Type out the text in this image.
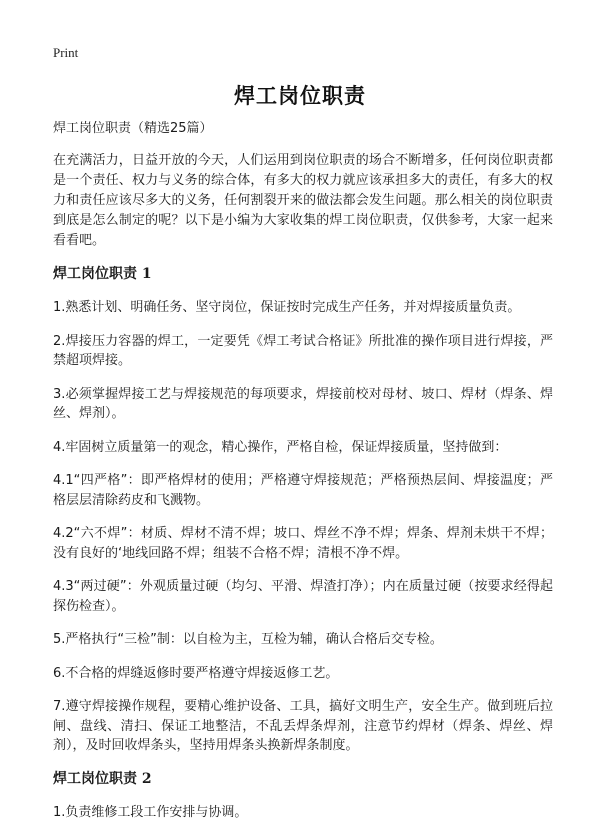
Print
焊工岗位职责

焊工岗位职责（精选25篇）

在充满活力，日益开放的今天，人们运用到岗位职责的场合不断增多，任何岗位职责都是一个责任、权力与义务的综合体，有多大的权力就应该承担多大的责任，有多大的权力和责任应该尽多大的义务，任何割裂开来的做法都会发生问题。那么相关的岗位职责到底是怎么制定的呢？以下是小编为大家收集的焊工岗位职责，仅供参考，大家一起来看看吧。

焊工岗位职责 1

1.熟悉计划、明确任务、坚守岗位，保证按时完成生产任务，并对焊接质量负责。

2.焊接压力容器的焊工，一定要凭《焊工考试合格证》所批准的操作项目进行焊接，严禁超项焊接。

3.必须掌握焊接工艺与焊接规范的每项要求，焊接前校对母材、坡口、焊材（焊条、焊丝、焊剂）。

4.牢固树立质量第一的观念，精心操作，严格自检，保证焊接质量，坚持做到：

4.1“四严格”：即严格焊材的使用；严格遵守焊接规范；严格预热层间、焊接温度；严格层层清除药皮和飞溅物。

4.2“六不焊”：材质、焊材不清不焊；坡口、焊丝不净不焊；焊条、焊剂未烘干不焊；没有良好的‘地线回路不焊；组装不合格不焊；清根不净不焊。

4.3“两过硬”：外观质量过硬（均匀、平滑、焊渣打净）；内在质量过硬（按要求经得起探伤检查）。

5.严格执行“三检”制：以自检为主，互检为辅，确认合格后交专检。

6.不合格的焊缝返修时要严格遵守焊接返修工艺。

7.遵守焊接操作规程，要精心维护设备、工具，搞好文明生产，安全生产。做到班后拉闸、盘线、清扫、保证工地整洁，不乱丢焊条焊剂，注意节约焊材（焊条、焊丝、焊剂），及时回收焊条头，坚持用焊条头换新焊条制度。

焊工岗位职责 2

1.负责维修工段工作安排与协调。
